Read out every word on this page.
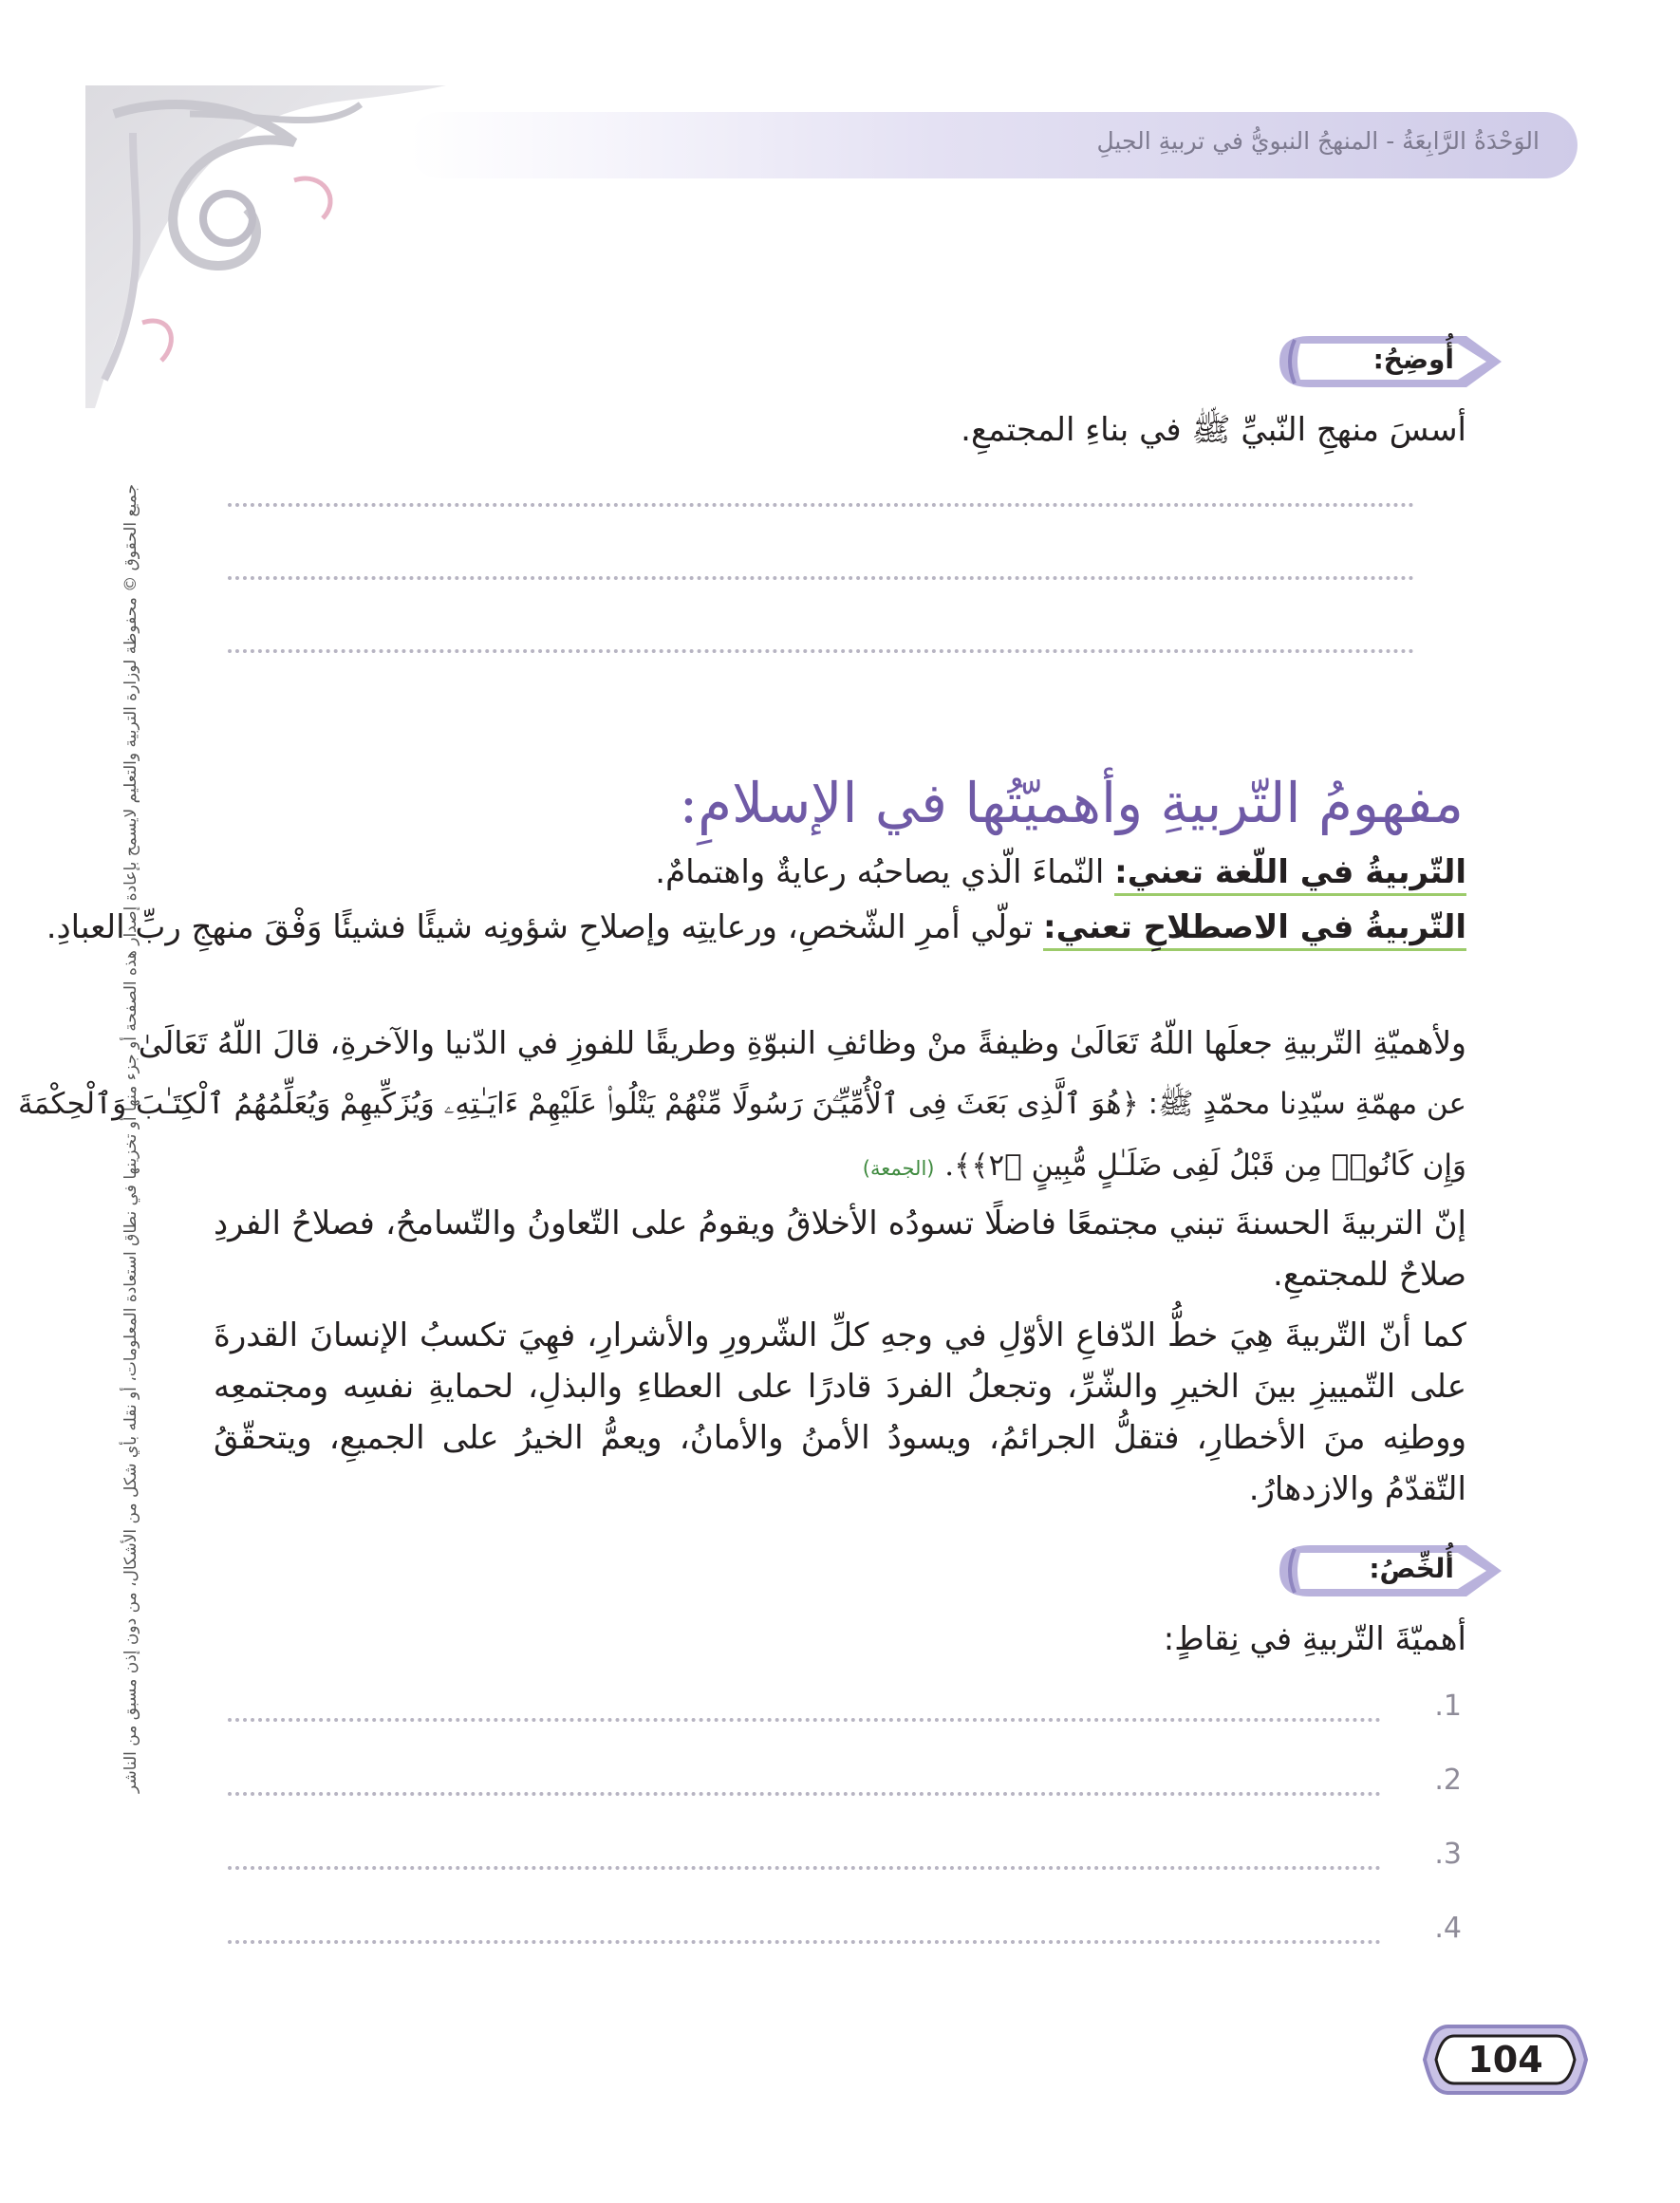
الوَحْدَةُ الرَّابِعَةُ - المنهجُ النبويُّ في تربيةِ الجيلِ
جميع الحقوق © محفوظة لوزارة التربية والتعليم لايسمح بإعادة إصدار هذه الصفحة أو جزء منها أو تخزينها في نطاق استعادة المعلومات، أو نقله بأي شكل من الأشكال، من دون إذن مسبق من الناشر
أُوضِحُ:
أسسَ منهجِ النّبيِّ ﷺ في بناءِ المجتمعِ.
مفهومُ التّربيةِ وأهميّتُها في الإسلامِ:
التّربيةُ في اللّغة تعني: النّماءَ الّذي يصاحبُه رعايةٌ واهتمامٌ.
التّربيةُ في الاصطلاحِ تعني: تولّي أمرِ الشّخصِ، ورعايتِه وإصلاحِ شؤونِه شيئًا فشيئًا وَفْقَ منهجِ ربِّ العبادِ.
ولأهميّةِ التّربيةِ جعلَها اللّهُ تَعَالَىٰ وظيفةً منْ وظائفِ النبوّةِ وطريقًا للفوزِ في الدّنيا والآخرةِ، قالَ اللّهُ تَعَالَىٰ
عن مهمّةِ سيّدِنا محمّدٍ ﷺ: ﴿هُوَ ٱلَّذِى بَعَثَ فِى ٱلْأُمِّيِّـۧنَ رَسُولًا مِّنْهُمْ يَتْلُوا۟ عَلَيْهِمْ ءَايَـٰتِهِۦ وَيُزَكِّيهِمْ وَيُعَلِّمُهُمُ ٱلْكِتَـٰبَ وَٱلْحِكْمَةَ
وَإِن كَانُوا۟ مِن قَبْلُ لَفِى ضَلَـٰلٍ مُّبِينٍ ﴿٢﴾﴾. (الجمعة)
إنّ التربيةَ الحسنةَ تبني مجتمعًا فاضلًا تسودُه الأخلاقُ ويقومُ على التّعاونُ والتّسامحُ، فصلاحُ الفردِ صلاحٌ للمجتمعِ.
كما أنّ التّربيةَ هِيَ خطُّ الدّفاعِ الأوّلِ في وجهِ كلِّ الشّرورِ والأشرارِ، فهِيَ تكسبُ الإنسانَ القدرةَ على التّمييزِ بينَ الخيرِ والشّرِّ، وتجعلُ الفردَ قادرًا على العطاءِ والبذلِ، لحمايةِ نفسِه ومجتمعِه ووطنِه منَ الأخطارِ، فتقلُّ الجرائمُ، ويسودُ الأمنُ والأمانُ، ويعمُّ الخيرُ على الجميعِ، ويتحقّقُ التّقدّمُ والازدهارُ.
أُلخِّصُ:
أهميّةَ التّربيةِ في نِقاطٍ:
.1
.2
.3
.4
104
